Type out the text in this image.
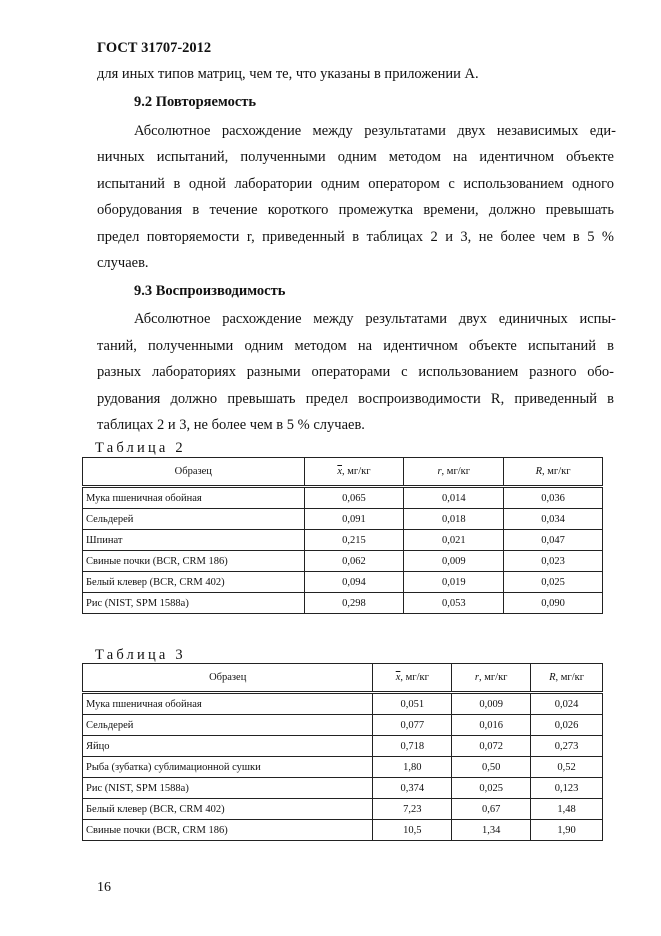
ГОСТ 31707-2012
для иных типов матриц, чем те, что указаны в приложении А.
9.2 Повторяемость
Абсолютное расхождение между результатами двух независимых еди-
ничных испытаний, полученными одним методом на идентичном объекте
испытаний в одной лаборатории одним оператором с использованием одного
оборудования в течение короткого промежутка времени, должно превышать
предел повторяемости r, приведенный в таблицах 2 и 3, не более чем в 5 %
случаев.
9.3 Воспроизводимость
Абсолютное расхождение между результатами двух единичных испы-
таний, полученными одним методом на идентичном объекте испытаний в
разных лабораториях разными операторами с использованием разного обо-
рудования должно превышать предел воспроизводимости R, приведенный в
таблицах 2 и 3, не более чем в 5 % случаев.
Таблица 2
Образец	$\overline{x}$, мг/кг	r, мг/кг	R, мг/кг
Мука пшеничная обойная	0,065	0,014	0,036
Сельдерей	0,091	0,018	0,034
Шпинат	0,215	0,021	0,047
Свиные почки (BCR, CRM 186)	0,062	0,009	0,023
Белый клевер (BCR, CRM 402)	0,094	0,019	0,025
Рис (NIST, SPM 1588a)	0,298	0,053	0,090
Таблица 3
Образец	$\overline{x}$, мг/кг	r, мг/кг	R, мг/кг
Мука пшеничная обойная	0,051	0,009	0,024
Сельдерей	0,077	0,016	0,026
Яйцо	0,718	0,072	0,273
Рыба (зубатка) сублимационной сушки	1,80	0,50	0,52
Рис (NIST, SPM 1588a)	0,374	0,025	0,123
Белый клевер (BCR, CRM 402)	7,23	0,67	1,48
Свиные почки (BCR, CRM 186)	10,5	1,34	1,90
16
